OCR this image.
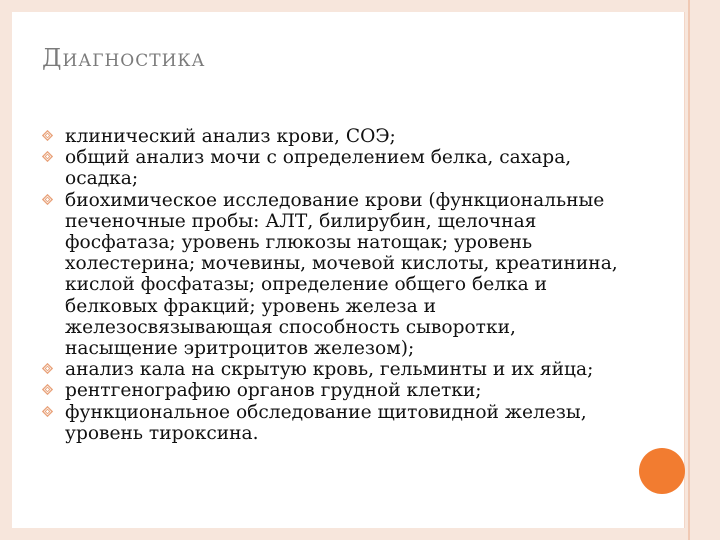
Диагностика
клинический анализ крови, СОЭ;
общий анализ мочи с определением белка, сахара, осадка;
биохимическое исследование крови (функциональные печеночные пробы: АЛТ, билирубин, щелочная фосфатаза; уровень глюкозы натощак; уровень холестерина; мочевины, мочевой кислоты, креатинина, кислой фосфатазы; определение общего белка и белковых фракций; уровень железа и железосвязывающая способность сыворотки, насыщение эритроцитов железом);
анализ кала на скрытую кровь, гельминты и их яйца;
рентгенографию органов грудной клетки;
функциональное обследование щитовидной железы, уровень тироксина.
